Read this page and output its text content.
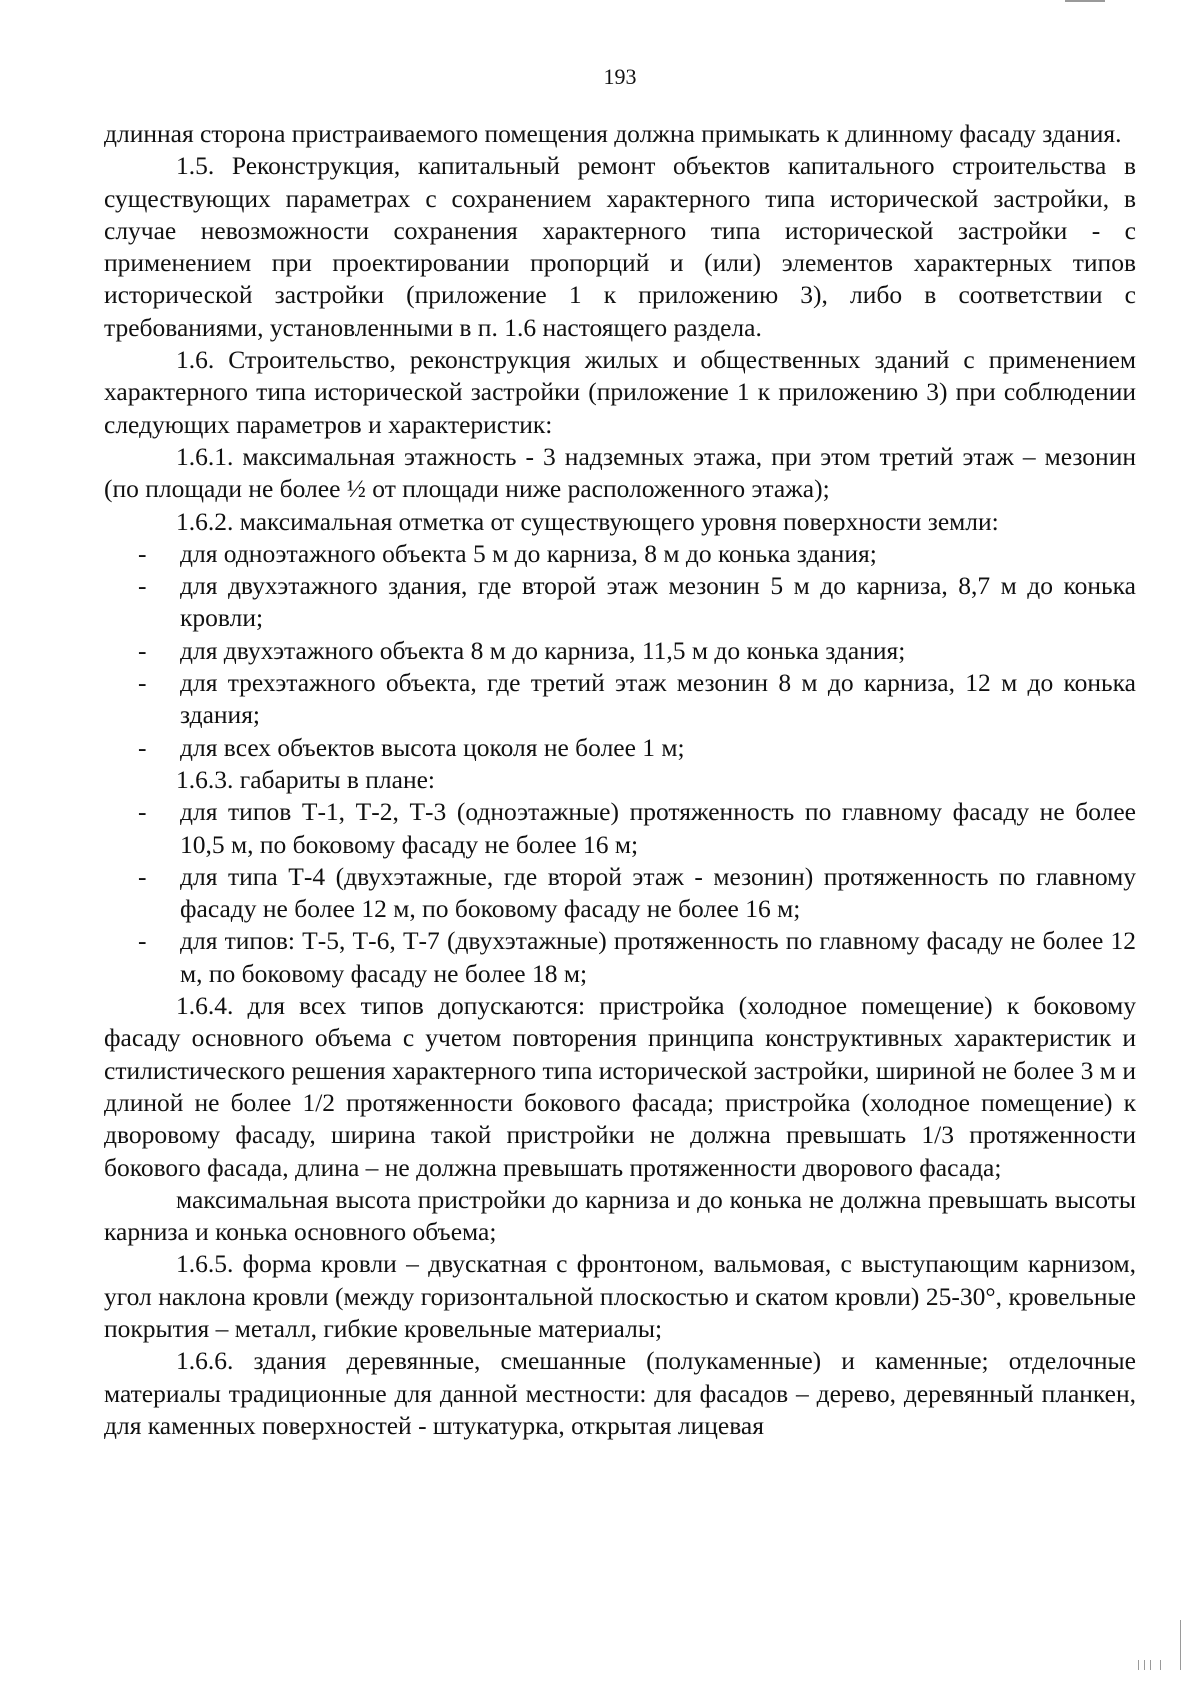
193

длинная сторона пристраиваемого помещения должна примыкать к длинному фасаду здания.

1.5. Реконструкция, капитальный ремонт объектов капитального строительства в существующих параметрах с сохранением характерного типа исторической застройки, в случае невозможности сохранения характерного типа исторической застройки - с применением при проектировании пропорций и (или) элементов характерных типов исторической застройки (приложение 1 к приложению 3), либо в соответствии с требованиями, установленными в п. 1.6 настоящего раздела.

1.6. Строительство, реконструкция жилых и общественных зданий с применением характерного типа исторической застройки (приложение 1 к приложению 3) при соблюдении следующих параметров и характеристик:

1.6.1. максимальная этажность - 3 надземных этажа, при этом третий этаж – мезонин (по площади не более ½ от площади ниже расположенного этажа);

1.6.2. максимальная отметка от существующего уровня поверхности земли:

- для одноэтажного объекта 5 м до карниза, 8 м до конька здания;
- для двухэтажного здания, где второй этаж мезонин 5 м до карниза, 8,7 м до конька кровли;
- для двухэтажного объекта 8 м до карниза, 11,5 м до конька здания;
- для трехэтажного объекта, где третий этаж мезонин 8 м до карниза, 12 м до конька здания;
- для всех объектов высота цоколя не более 1 м;

1.6.3. габариты в плане:

- для типов Т-1, Т-2, Т-3 (одноэтажные) протяженность по главному фасаду не более 10,5 м, по боковому фасаду не более 16 м;
- для типа Т-4 (двухэтажные, где второй этаж - мезонин) протяженность по главному фасаду не более 12 м, по боковому фасаду не более 16 м;
- для типов: Т-5, Т-6, Т-7 (двухэтажные) протяженность по главному фасаду не более 12 м, по боковому фасаду не более 18 м;

1.6.4. для всех типов допускаются: пристройка (холодное помещение) к боковому фасаду основного объема с учетом повторения принципа конструктивных характеристик и стилистического решения характерного типа исторической застройки, шириной не более 3 м и длиной не более 1/2 протяженности бокового фасада; пристройка (холодное помещение) к дворовому фасаду, ширина такой пристройки не должна превышать 1/3 протяженности бокового фасада, длина – не должна превышать протяженности дворового фасада;

максимальная высота пристройки до карниза и до конька не должна превышать высоты карниза и конька основного объема;

1.6.5. форма кровли – двускатная с фронтоном, вальмовая, с выступающим карнизом, угол наклона кровли (между горизонтальной плоскостью и скатом кровли) 25-30°, кровельные покрытия – металл, гибкие кровельные материалы;

1.6.6. здания деревянные, смешанные (полукаменные) и каменные; отделочные материалы традиционные для данной местности: для фасадов – дерево, деревянный планкен, для каменных поверхностей - штукатурка, открытая лицевая
